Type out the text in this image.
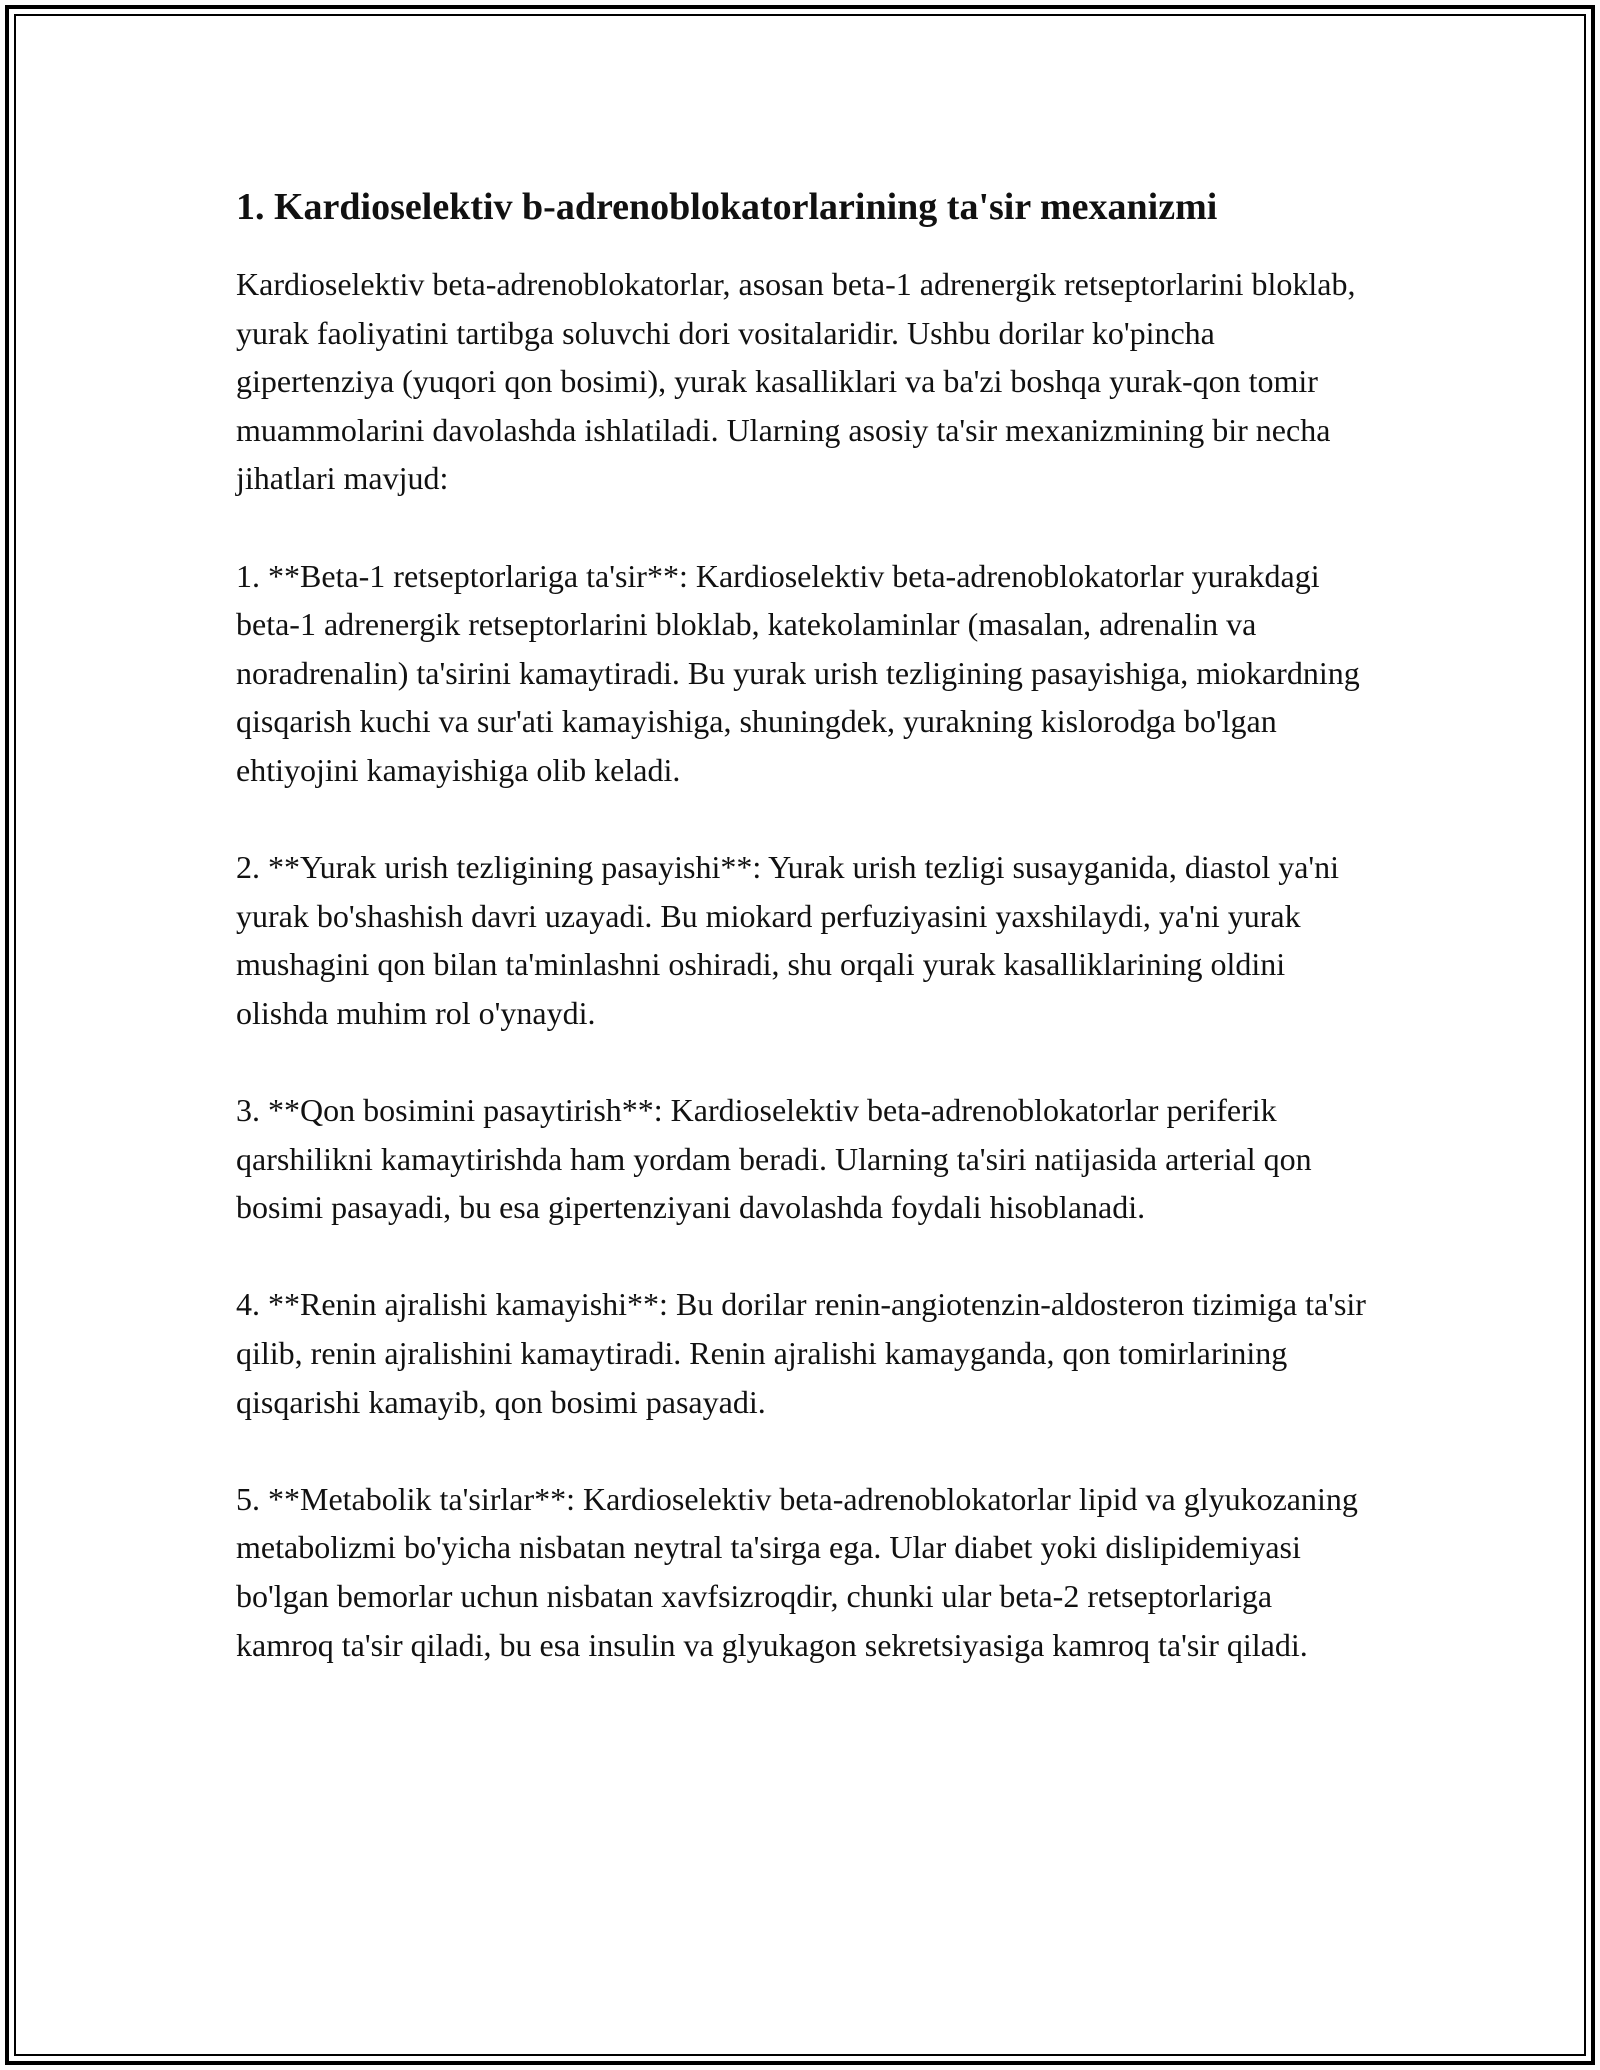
1. Kardioselektiv b-adrenoblokatorlarining ta'sir mexanizmi

Kardioselektiv beta-adrenoblokatorlar, asosan beta-1 adrenergik retseptorlarini bloklab, yurak faoliyatini tartibga soluvchi dori vositalaridir. Ushbu dorilar ko'pincha gipertenziya (yuqori qon bosimi), yurak kasalliklari va ba'zi boshqa yurak-qon tomir muammolarini davolashda ishlatiladi. Ularning asosiy ta'sir mexanizmining bir necha jihatlari mavjud:

1. **Beta-1 retseptorlariga ta'sir**: Kardioselektiv beta-adrenoblokatorlar yurakdagi beta-1 adrenergik retseptorlarini bloklab, katekolaminlar (masalan, adrenalin va noradrenalin) ta'sirini kamaytiradi. Bu yurak urish tezligining pasayishiga, miokardning qisqarish kuchi va sur'ati kamayishiga, shuningdek, yurakning kislorodga bo'lgan ehtiyojini kamayishiga olib keladi.

2. **Yurak urish tezligining pasayishi**: Yurak urish tezligi susayganida, diastol ya'ni yurak bo'shashish davri uzayadi. Bu miokard perfuziyasini yaxshilaydi, ya'ni yurak mushagini qon bilan ta'minlashni oshiradi, shu orqali yurak kasalliklarining oldini olishda muhim rol o'ynaydi.

3. **Qon bosimini pasaytirish**: Kardioselektiv beta-adrenoblokatorlar periferik qarshilikni kamaytirishda ham yordam beradi. Ularning ta'siri natijasida arterial qon bosimi pasayadi, bu esa gipertenziyani davolashda foydali hisoblanadi.

4. **Renin ajralishi kamayishi**: Bu dorilar renin-angiotenzin-aldosteron tizimiga ta'sir qilib, renin ajralishini kamaytiradi. Renin ajralishi kamayganda, qon tomirlarining qisqarishi kamayib, qon bosimi pasayadi.

5. **Metabolik ta'sirlar**: Kardioselektiv beta-adrenoblokatorlar lipid va glyukozaning metabolizmi bo'yicha nisbatan neytral ta'sirga ega. Ular diabet yoki dislipidemiyasi bo'lgan bemorlar uchun nisbatan xavfsizroqdir, chunki ular beta-2 retseptorlariga kamroq ta'sir qiladi, bu esa insulin va glyukagon sekretsiyasiga kamroq ta'sir qiladi.
